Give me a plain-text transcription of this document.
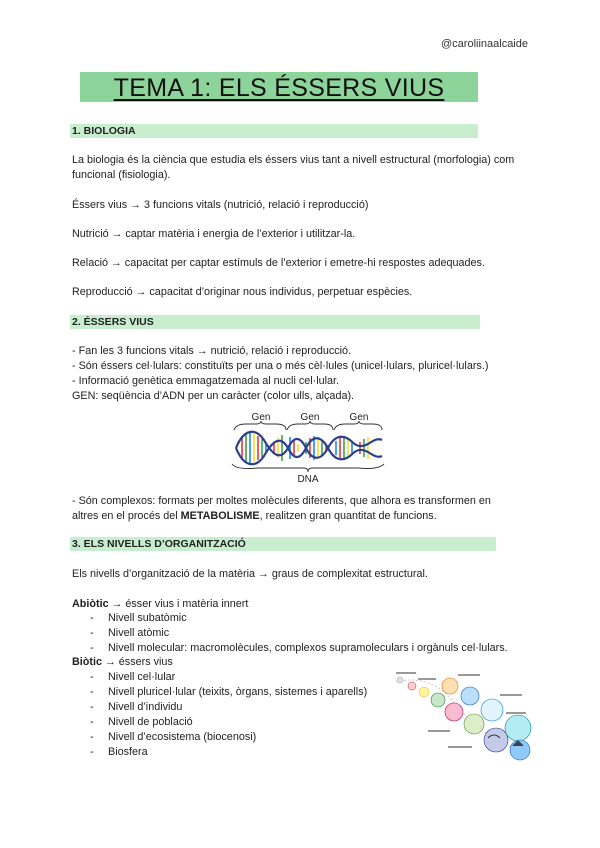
@caroliinaalcaide
TEMA 1: ELS ÉSSERS VIUS
1. BIOLOGIA
La biologia és la ciència que estudia els éssers vius tant a nivell estructural (morfologia) com
funcional (fisiologia).
Éssers vius → 3 funcions vitals (nutrició, relació i reproducció)
Nutrició → captar matèria i energia de l’exterior i utilitzar-la.
Relació → capacitat per captar estímuls de l’exterior i emetre-hi respostes adequades.
Reproducció → capacitat d’originar nous individus, perpetuar espècies.
2. ÉSSERS VIUS
- Fan les 3 funcions vitals → nutrició, relació i reproducció.
- Són éssers cel·lulars: constituïts per una o més cèl·lules (unicel·lulars, pluricel·lulars.)
- Informació genètica emmagatzemada al nucli cel·lular.
GEN: seqüència d’ADN per un caràcter (color ulls, alçada).
Gen	Gen	Gen
DNA
- Són complexos: formats per moltes molècules diferents, que alhora es transformen en
altres en el procés del METABOLISME, realitzen gran quantitat de funcions.
3. ELS NIVELLS D’ORGANITZACIÓ
Els nivells d’organització de la matèria → graus de complexitat estructural.
Abiòtic → ésser vius i matèria innert
- Nivell subatòmic
- Nivell atòmic
- Nivell molecular: macromolècules, complexos supramoleculars i orgànuls cel·lulars.
Biòtic → éssers vius
- Nivell cel·lular
- Nivell pluricel·lular (teixits, òrgans, sistemes i aparells)
- Nivell d’individu
- Nivell de població
- Nivell d’ecosistema (biocenosi)
- Biosfera
